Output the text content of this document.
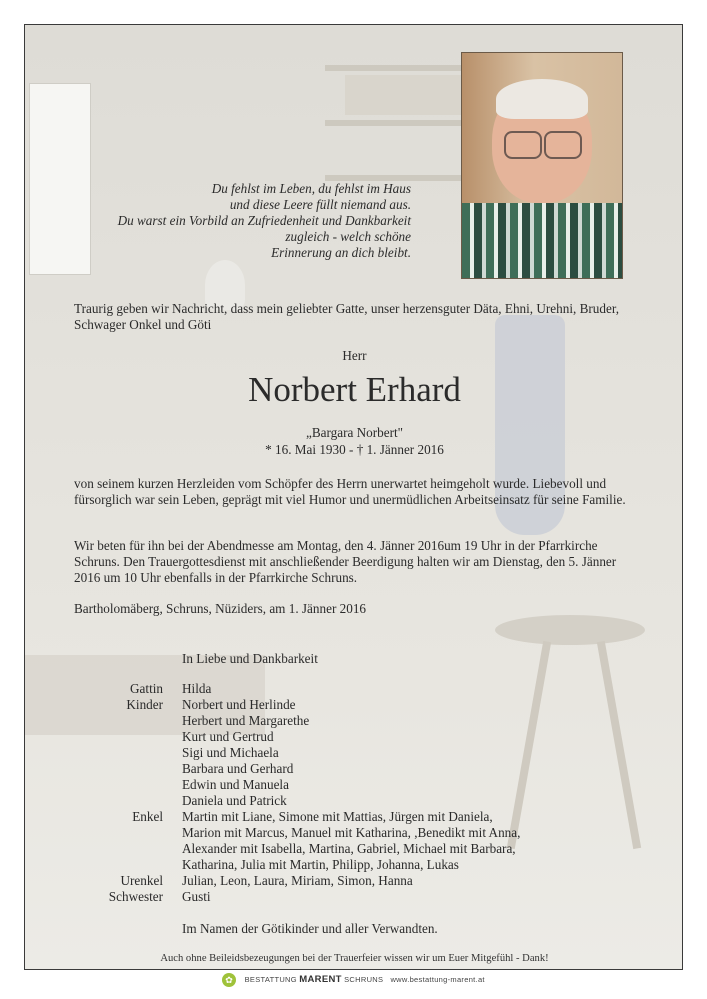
Du fehlst im Leben, du fehlst im Haus
und diese Leere füllt niemand aus.
Du warst ein Vorbild an Zufriedenheit und Dankbarkeit
zugleich - welch schöne
Erinnerung an dich bleibt.
Traurig geben wir Nachricht, dass mein geliebter Gatte, unser herzensguter Däta, Ehni, Urehni, Bruder, Schwager Onkel und Göti
Herr
Norbert Erhard
„Bargara Norbert"
* 16. Mai 1930 - † 1. Jänner 2016
von seinem kurzen Herzleiden vom Schöpfer des Herrn unerwartet heimgeholt wurde. Liebevoll und fürsorglich war sein Leben, geprägt mit viel Humor und unermüdlichen Arbeitseinsatz für seine Familie.
Wir beten für ihn bei der Abendmesse am Montag, den 4. Jänner 2016um 19 Uhr in der Pfarrkirche Schruns. Den Trauergottesdienst mit anschließender Beerdigung halten wir am Dienstag, den 5. Jänner 2016 um 10 Uhr ebenfalls in der Pfarrkirche Schruns.
Bartholomäberg, Schruns, Nüziders, am 1. Jänner 2016
In Liebe und Dankbarkeit
Gattin	Hilda
Kinder	Norbert und Herlinde
Herbert und Margarethe
Kurt und Gertrud
Sigi und Michaela
Barbara und Gerhard
Edwin und Manuela
Daniela und Patrick
Enkel	Martin mit Liane, Simone mit Mattias, Jürgen mit Daniela,
Marion mit Marcus, Manuel mit Katharina, ,Benedikt mit Anna,
Alexander mit Isabella, Martina, Gabriel, Michael mit Barbara,
Katharina, Julia mit Martin, Philipp, Johanna, Lukas
Urenkel	Julian, Leon, Laura, Miriam, Simon, Hanna
Schwester	Gusti
Im Namen der Götikinder und aller Verwandten.
Auch ohne Beileidsbezeugungen bei der Trauerfeier wissen wir um Euer Mitgefühl - Dank!
✿ BESTATTUNG MARENT SCHRUNS www.bestattung-marent.at
